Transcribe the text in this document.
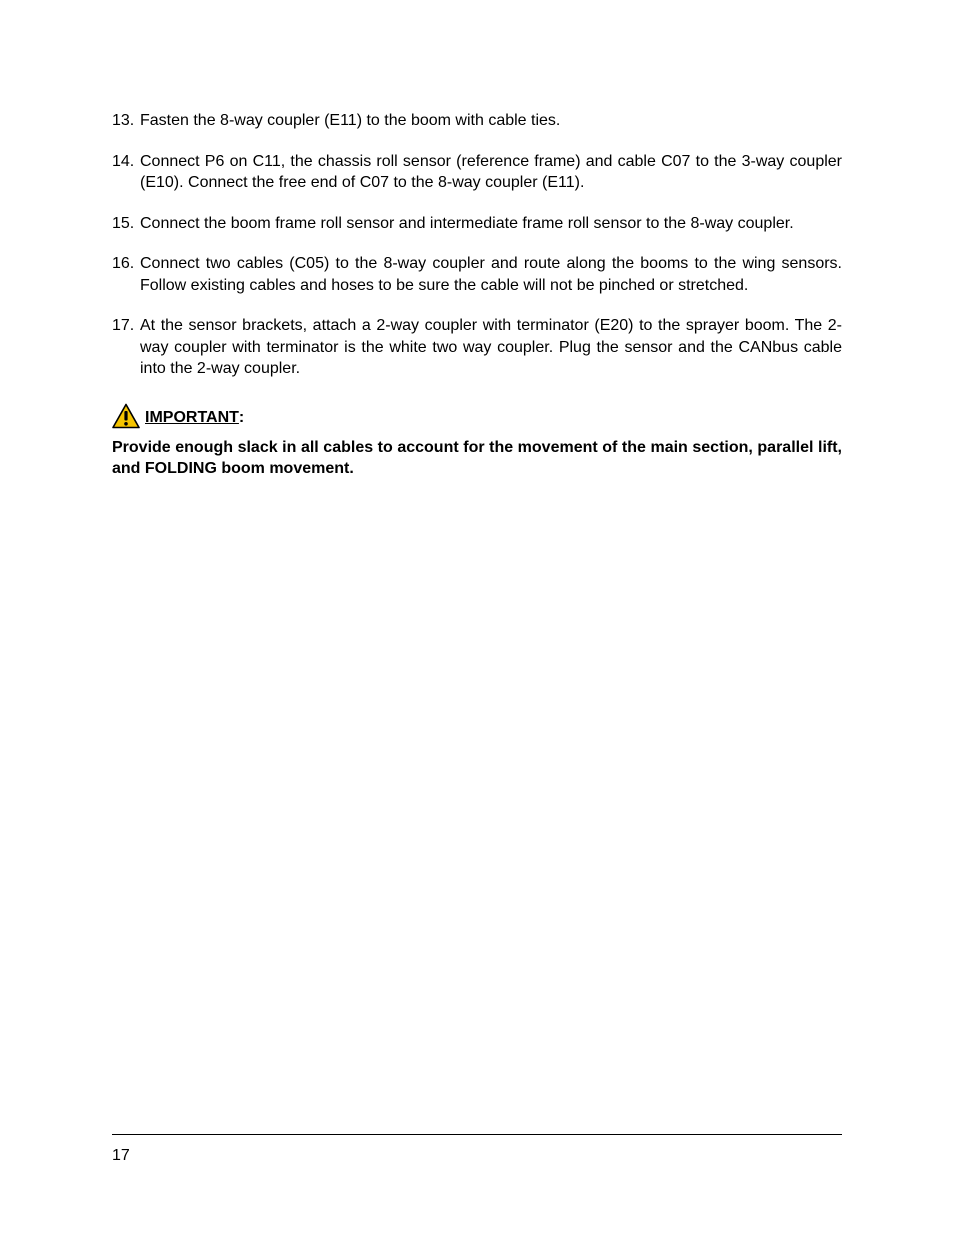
13. Fasten the 8-way coupler (E11) to the boom with cable ties.
14. Connect P6 on C11, the chassis roll sensor (reference frame) and cable C07 to the 3-way coupler (E10). Connect the free end of C07 to the 8-way coupler (E11).
15. Connect the boom frame roll sensor and intermediate frame roll sensor to the 8-way coupler.
16. Connect two cables (C05) to the 8-way coupler and route along the booms to the wing sensors. Follow existing cables and hoses to be sure the cable will not be pinched or stretched.
17. At the sensor brackets, attach a 2-way coupler with terminator (E20) to the sprayer boom. The 2-way coupler with terminator is the white two way coupler. Plug the sensor and the CANbus cable into the 2-way coupler.
IMPORTANT :
Provide enough slack in all cables to account for the movement of the main section, parallel lift, and FOLDING boom movement.
17
